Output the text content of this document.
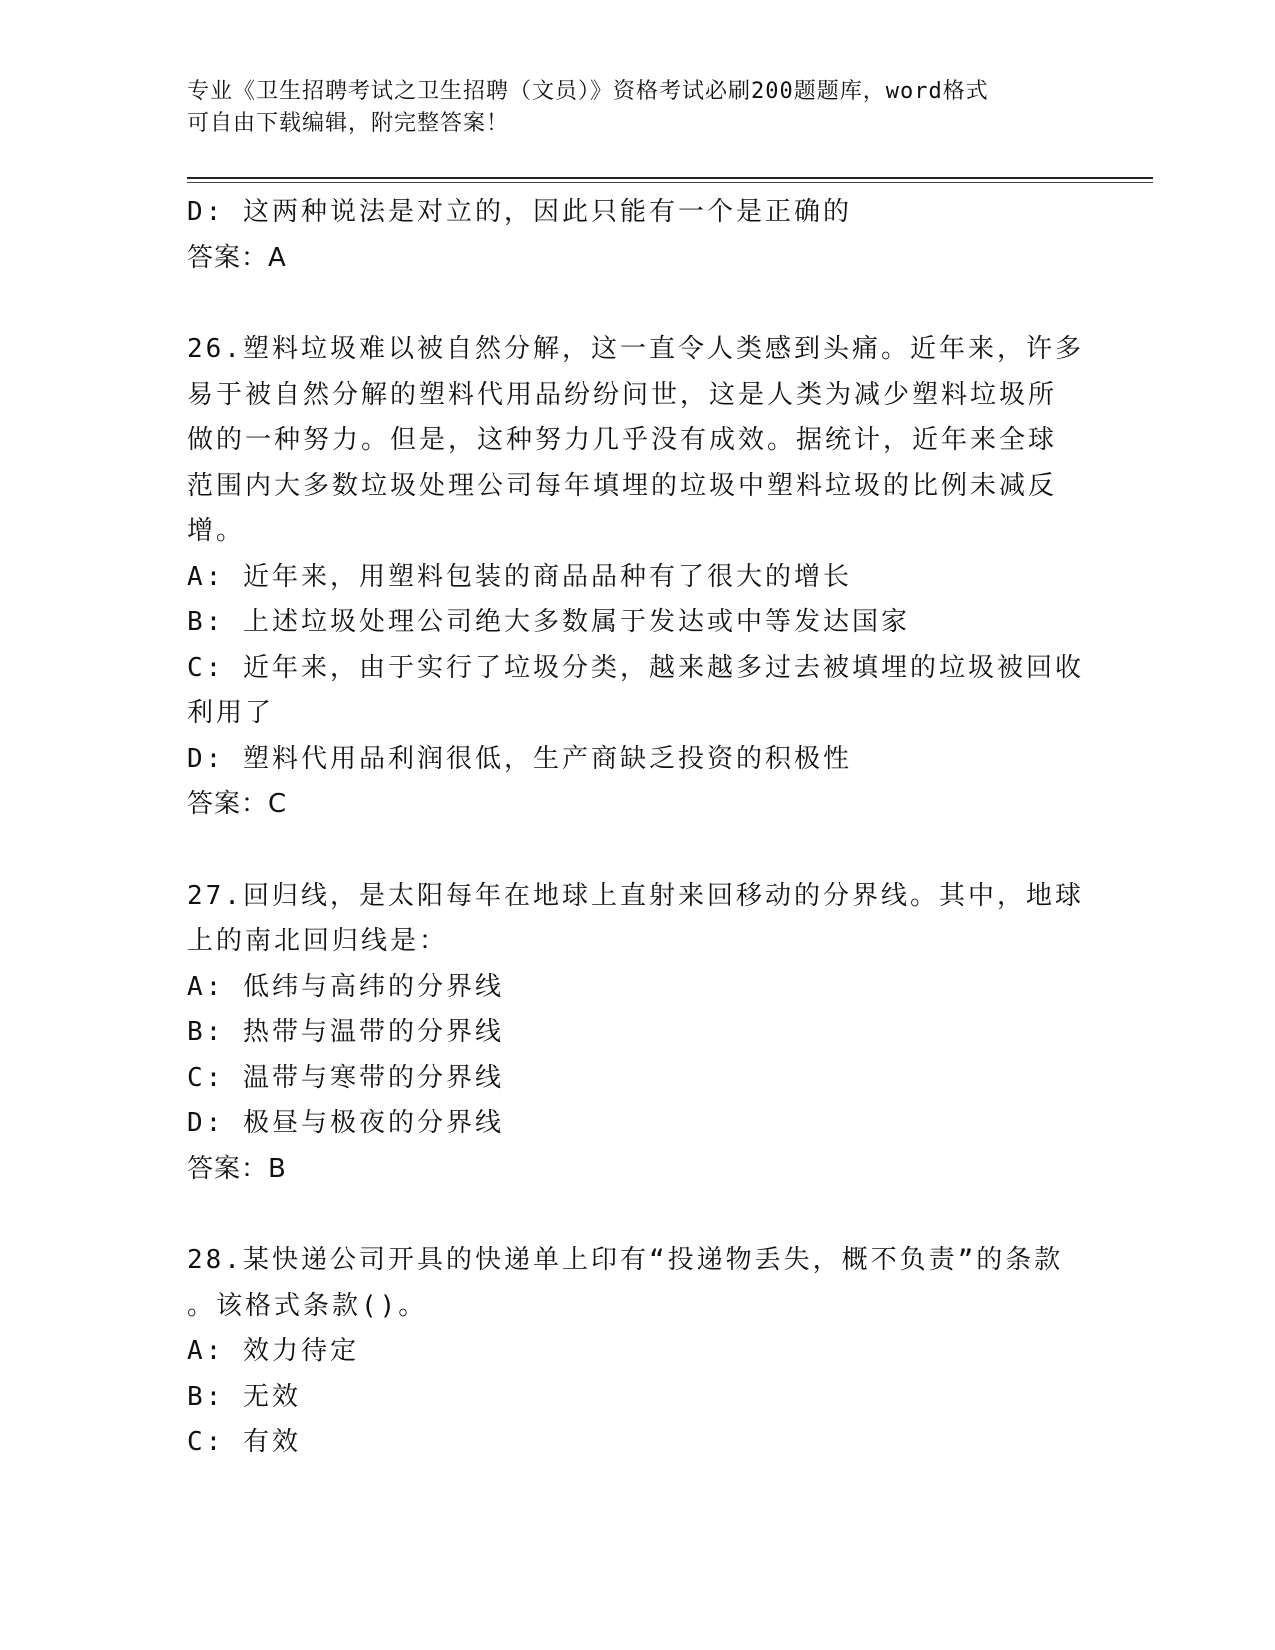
专业《卫生招聘考试之卫生招聘（文员）》资格考试必刷200题题库，word格式
可自由下载编辑，附完整答案！
D: 这两种说法是对立的，因此只能有一个是正确的
答案：A
26.塑料垃圾难以被自然分解，这一直令人类感到头痛。近年来，许多
易于被自然分解的塑料代用品纷纷问世，这是人类为减少塑料垃圾所
做的一种努力。但是，这种努力几乎没有成效。据统计，近年来全球
范围内大多数垃圾处理公司每年填埋的垃圾中塑料垃圾的比例未减反
增。
A: 近年来，用塑料包装的商品品种有了很大的增长
B: 上述垃圾处理公司绝大多数属于发达或中等发达国家
C: 近年来，由于实行了垃圾分类，越来越多过去被填埋的垃圾被回收
利用了
D: 塑料代用品利润很低，生产商缺乏投资的积极性
答案：C
27.回归线，是太阳每年在地球上直射来回移动的分界线。其中，地球
上的南北回归线是：
A: 低纬与高纬的分界线
B: 热带与温带的分界线
C: 温带与寒带的分界线
D: 极昼与极夜的分界线
答案：B
28.某快递公司开具的快递单上印有“投递物丢失，概不负责”的条款
。该格式条款()。
A: 效力待定
B: 无效
C: 有效
